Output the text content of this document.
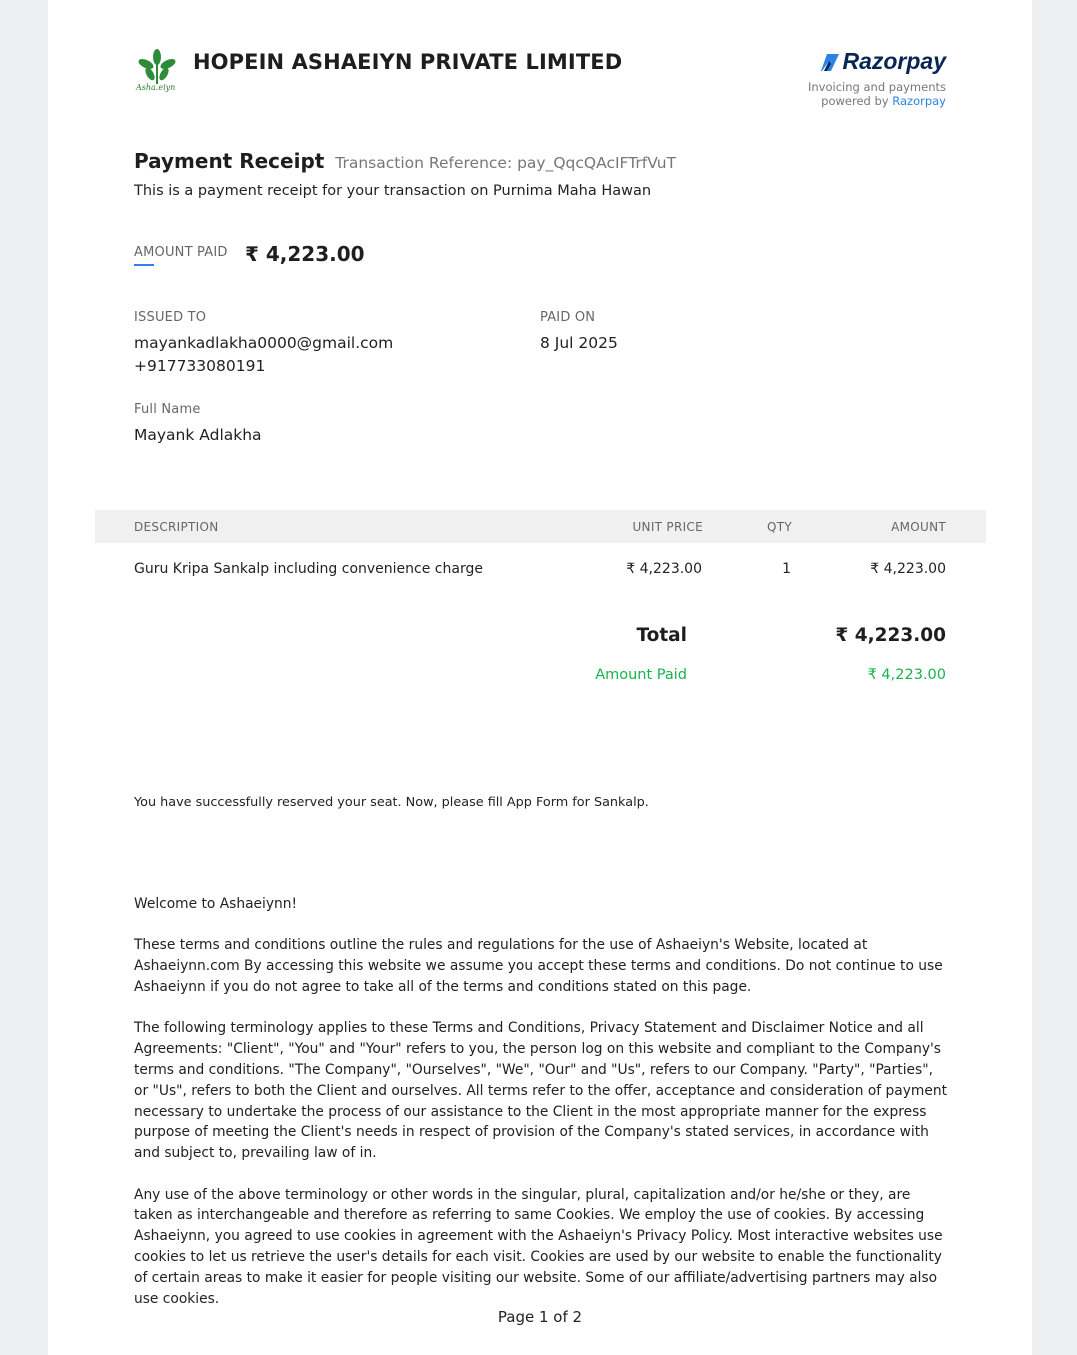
Asha.eiyn
HOPEIN ASHAEIYN PRIVATE LIMITED	Razorpay
Invoicing and payments
powered by Razorpay
Payment Receipt Transaction Reference: pay_QqcQAcIFTrfVuT
This is a payment receipt for your transaction on Purnima Maha Hawan
AMOUNT PAID ₹ 4,223.00
ISSUED TO
mayankadlakha0000@gmail.com
+917733080191
PAID ON
8 Jul 2025
Full Name
Mayank Adlakha
DESCRIPTION	UNIT PRICE	QTY	AMOUNT
Guru Kripa Sankalp including convenience charge	₹ 4,223.00	1	₹ 4,223.00
Total	₹ 4,223.00
Amount Paid	₹ 4,223.00
You have successfully reserved your seat. Now, please fill App Form for Sankalp.

Welcome to Ashaeiynn!

These terms and conditions outline the rules and regulations for the use of Ashaeiyn's Website, located at Ashaeiynn.com By accessing this website we assume you accept these terms and conditions. Do not continue to use Ashaeiynn if you do not agree to take all of the terms and conditions stated on this page.

The following terminology applies to these Terms and Conditions, Privacy Statement and Disclaimer Notice and all Agreements: "Client", "You" and "Your" refers to you, the person log on this website and compliant to the Company's terms and conditions. "The Company", "Ourselves", "We", "Our" and "Us", refers to our Company. "Party", "Parties", or "Us", refers to both the Client and ourselves. All terms refer to the offer, acceptance and consideration of payment necessary to undertake the process of our assistance to the Client in the most appropriate manner for the express purpose of meeting the Client's needs in respect of provision of the Company's stated services, in accordance with and subject to, prevailing law of in.

Any use of the above terminology or other words in the singular, plural, capitalization and/or he/she or they, are taken as interchangeable and therefore as referring to same Cookies. We employ the use of cookies. By accessing Ashaeiynn, you agreed to use cookies in agreement with the Ashaeiyn's Privacy Policy. Most interactive websites use cookies to let us retrieve the user's details for each visit. Cookies are used by our website to enable the functionality of certain areas to make it easier for people visiting our website. Some of our affiliate/advertising partners may also use cookies.

Page 1 of 2
